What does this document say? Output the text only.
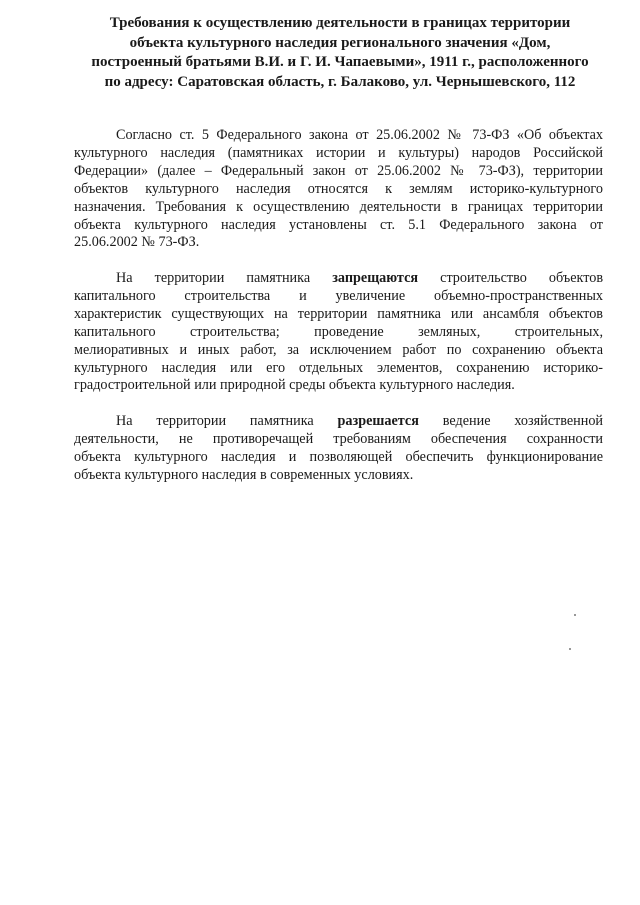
Требования к осуществлению деятельности в границах территории
объекта культурного наследия регионального значения «Дом,
построенный братьями В.И. и Г. И. Чапаевыми», 1911 г., расположенного
по адресу: Саратовская область, г. Балаково, ул. Чернышевского, 112
Согласно ст. 5 Федерального закона от 25.06.2002 № 73-ФЗ «Об объектах
культурного наследия (памятниках истории и культуры) народов Российской
Федерации» (далее – Федеральный закон от 25.06.2002 № 73-ФЗ), территории
объектов культурного наследия относятся к землям историко-культурного
назначения. Требования к осуществлению деятельности в границах территории
объекта культурного наследия установлены ст. 5.1 Федерального закона от
25.06.2002 № 73-ФЗ.
На территории памятника запрещаются строительство объектов
капитального строительства и увеличение объемно-пространственных
характеристик существующих на территории памятника или ансамбля объектов
капитального строительства; проведение земляных, строительных,
мелиоративных и иных работ, за исключением работ по сохранению объекта
культурного наследия или его отдельных элементов, сохранению историко-
градостроительной или природной среды объекта культурного наследия.
На территории памятника разрешается ведение хозяйственной
деятельности, не противоречащей требованиям обеспечения сохранности
объекта культурного наследия и позволяющей обеспечить функционирование
объекта культурного наследия в современных условиях.
